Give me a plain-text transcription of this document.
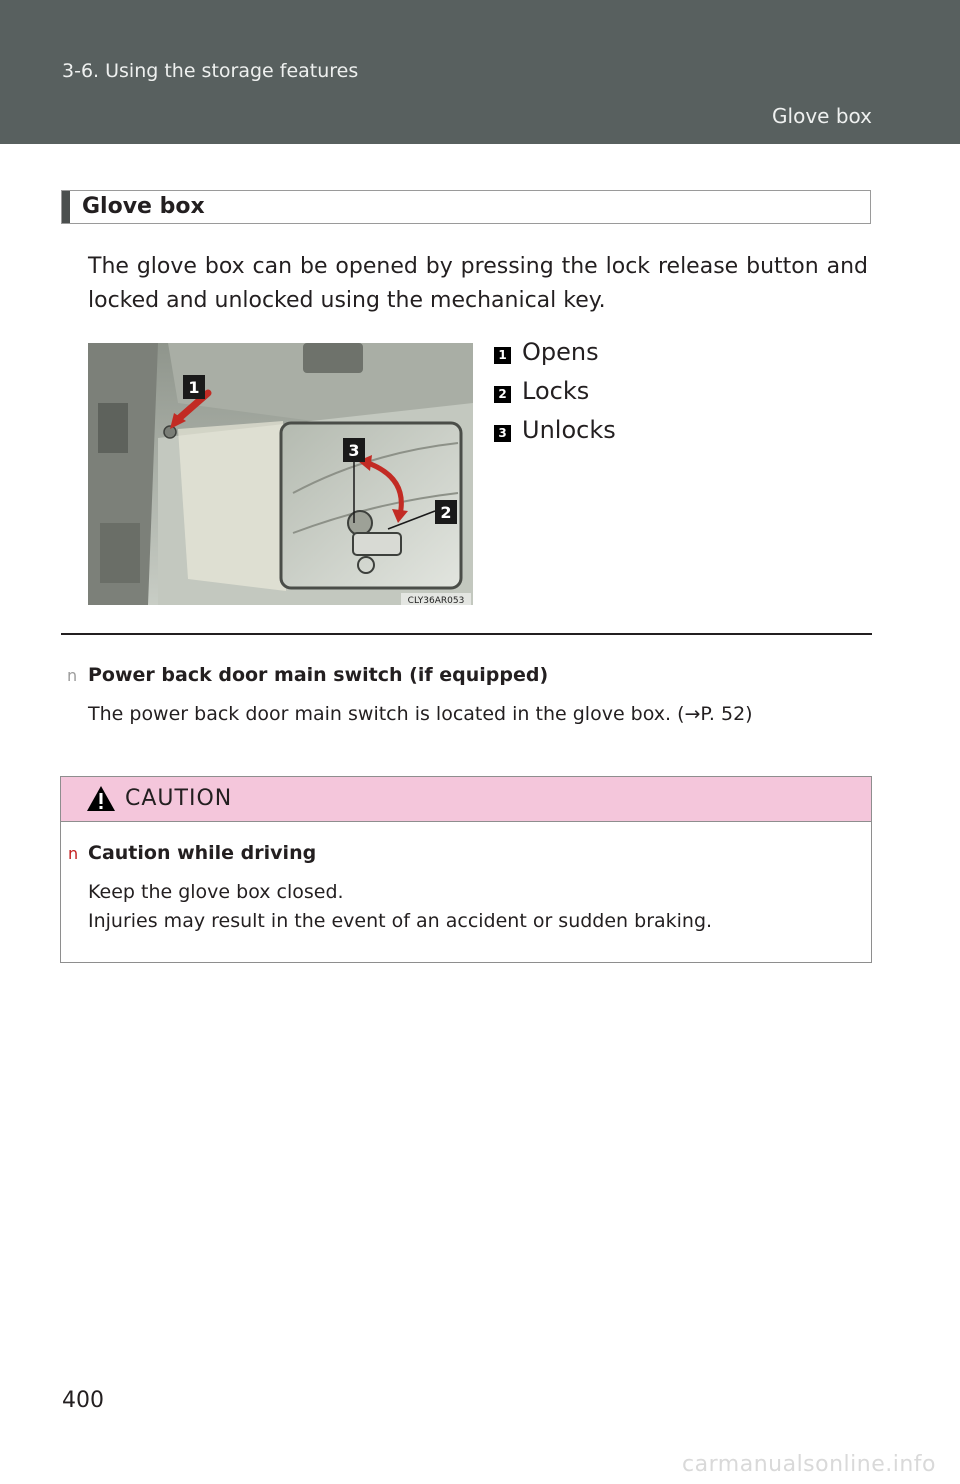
3-6. Using the storage features
Glove box
Glove box
The glove box can be opened by pressing the lock release button and locked and unlocked using the mechanical key.
1
3
2
CLY36AR053
1 Opens
2 Locks
3 Unlocks
n Power back door main switch (if equipped)
The power back door main switch is located in the glove box. (→P. 52)
CAUTION
n Caution while driving
Keep the glove box closed.
Injuries may result in the event of an accident or sudden braking.
400
carmanualsonline.info
